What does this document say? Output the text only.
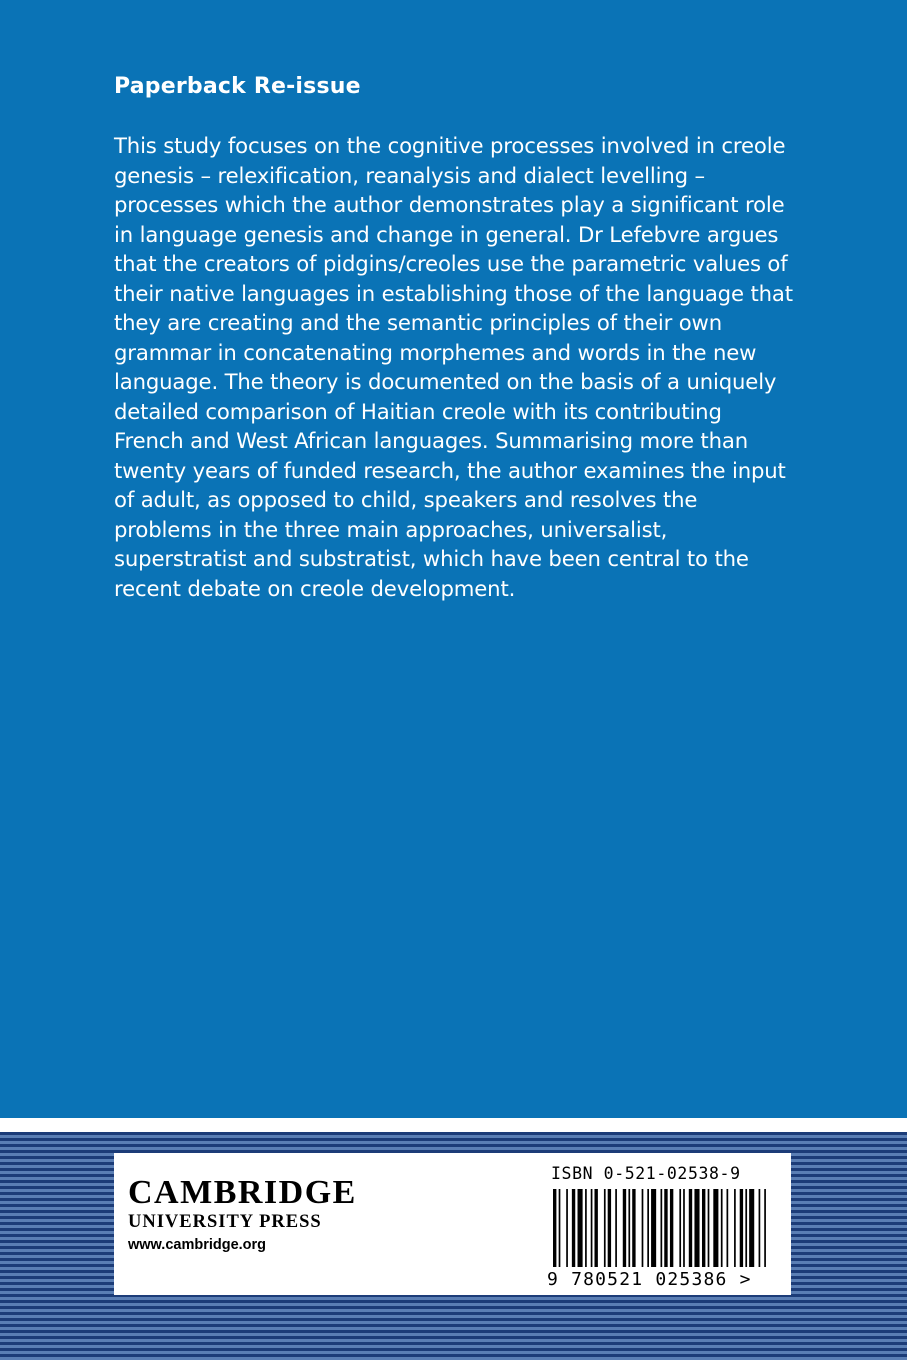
Paperback Re-issue

This study focuses on the cognitive processes involved in creole genesis – relexification, reanalysis and dialect levelling – processes which the author demonstrates play a significant role in language genesis and change in general. Dr Lefebvre argues that the creators of pidgins/creoles use the parametric values of their native languages in establishing those of the language that they are creating and the semantic principles of their own grammar in concatenating morphemes and words in the new language. The theory is documented on the basis of a uniquely detailed comparison of Haitian creole with its contributing French and West African languages. Summarising more than twenty years of funded research, the author examines the input of adult, as opposed to child, speakers and resolves the problems in the three main approaches, universalist, superstratist and substratist, which have been central to the recent debate on creole development.

CAMBRIDGE
UNIVERSITY PRESS
www.cambridge.org
ISBN 0-521-02538-9
9 780521 025386 >
